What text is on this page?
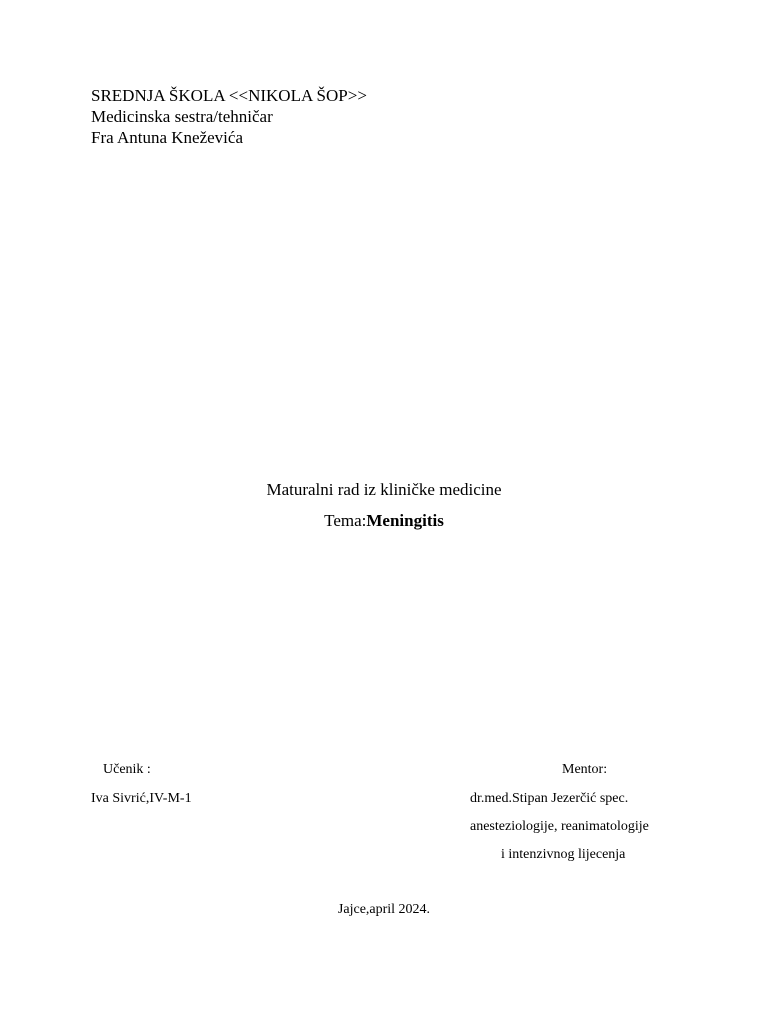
SREDNJA ŠKOLA <<NIKOLA ŠOP>>
Medicinska sestra/tehničar
Fra Antuna Kneževića
Maturalni rad iz kliničke medicine
Tema:Meningitis
Učenik :
Iva Sivrić,IV-M-1
Mentor:
dr.med.Stipan Jezerčić spec.
anesteziologije, reanimatologije
i intenzivnog lijecenja
Jajce,april 2024.
